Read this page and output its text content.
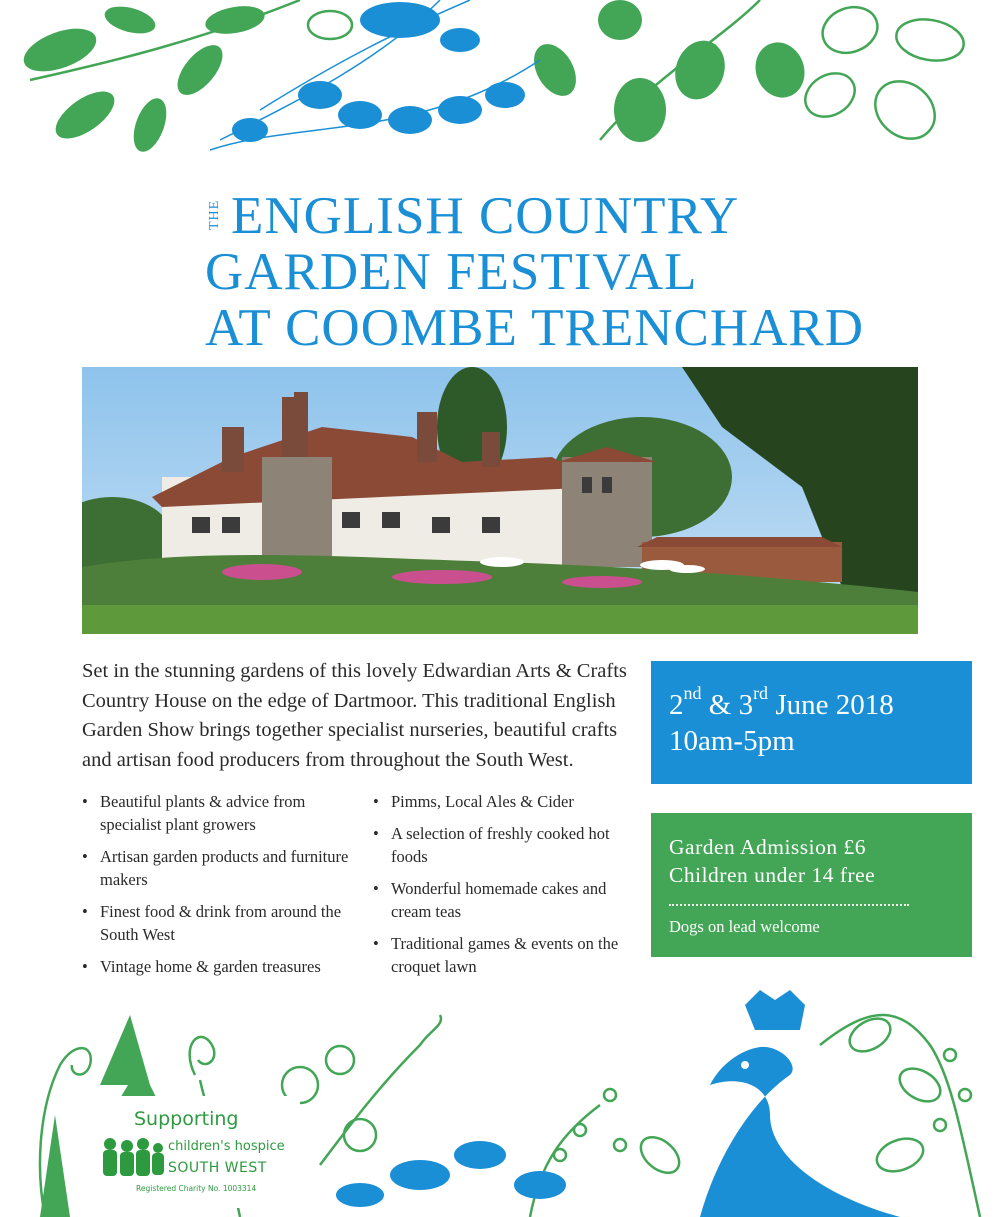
THE ENGLISH COUNTRY
GARDEN FESTIVAL
AT COOMBE TRENCHARD

Set in the stunning gardens of this lovely Edwardian Arts & Crafts Country House on the edge of Dartmoor. This traditional English Garden Show brings together specialist nurseries, beautiful crafts and artisan food producers from throughout the South West.

• Beautiful plants & advice from specialist plant growers
• Artisan garden products and furniture makers
• Finest food & drink from around the South West
• Vintage home & garden treasures
• Pimms, Local Ales & Cider
• A selection of freshly cooked hot foods
• Wonderful homemade cakes and cream teas
• Traditional games & events on the croquet lawn
2nd & 3rd June 2018
10am-5pm
Garden Admission £6
Children under 14 free
Dogs on lead welcome
Supporting
children's hospice
SOUTH WEST
Registered Charity No. 1003314
